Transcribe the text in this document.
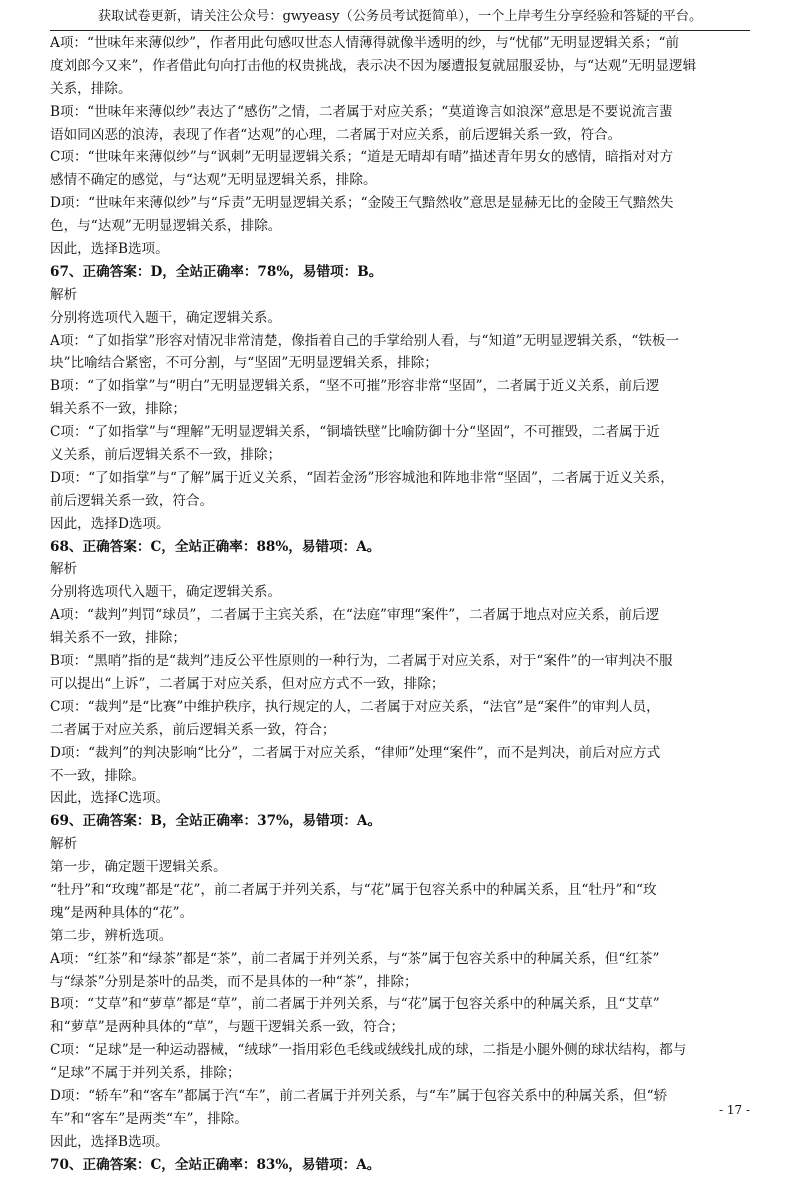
获取试卷更新，请关注公众号：gwyeasy（公务员考试挺简单），一个上岸考生分享经验和答疑的平台。
A项：“世味年来薄似纱”，作者用此句感叹世态人情薄得就像半透明的纱，与“忧郁”无明显逻辑关系；“前
度刘郎今又来”，作者借此句向打击他的权贵挑战，表示决不因为屡遭报复就屈服妥协，与“达观”无明显逻辑
关系，排除。
B项：“世味年来薄似纱”表达了“感伤”之情，二者属于对应关系；“莫道谗言如浪深”意思是不要说流言蜚
语如同凶恶的浪涛，表现了作者“达观”的心理，二者属于对应关系，前后逻辑关系一致，符合。
C项：“世味年来薄似纱”与“讽刺”无明显逻辑关系；“道是无晴却有晴”描述青年男女的感情，暗指对对方
感情不确定的感觉，与“达观”无明显逻辑关系，排除。
D项：“世味年来薄似纱”与“斥责”无明显逻辑关系；“金陵王气黯然收”意思是显赫无比的金陵王气黯然失
色，与“达观”无明显逻辑关系，排除。
因此，选择B选项。
67、正确答案：D，全站正确率：78%，易错项：B。
解析
分别将选项代入题干，确定逻辑关系。
A项：“了如指掌”形容对情况非常清楚，像指着自己的手掌给别人看，与“知道”无明显逻辑关系，“铁板一
块”比喻结合紧密，不可分割，与“坚固”无明显逻辑关系，排除；
B项：“了如指掌”与“明白”无明显逻辑关系，“坚不可摧”形容非常“坚固”，二者属于近义关系，前后逻
辑关系不一致，排除；
C项：“了如指掌”与“理解”无明显逻辑关系，“铜墙铁壁”比喻防御十分“坚固”，不可摧毁，二者属于近
义关系，前后逻辑关系不一致，排除；
D项：“了如指掌”与“了解”属于近义关系，“固若金汤”形容城池和阵地非常“坚固”，二者属于近义关系，
前后逻辑关系一致，符合。
因此，选择D选项。
68、正确答案：C，全站正确率：88%，易错项：A。
解析
分别将选项代入题干，确定逻辑关系。
A项：“裁判”判罚“球员”，二者属于主宾关系，在“法庭”审理“案件”，二者属于地点对应关系，前后逻
辑关系不一致，排除；
B项：“黑哨”指的是“裁判”违反公平性原则的一种行为，二者属于对应关系，对于“案件”的一审判决不服
可以提出“上诉”，二者属于对应关系，但对应方式不一致，排除；
C项：“裁判”是“比赛”中维护秩序，执行规定的人，二者属于对应关系，“法官”是“案件”的审判人员，
二者属于对应关系，前后逻辑关系一致，符合；
D项：“裁判”的判决影响“比分”，二者属于对应关系，“律师”处理“案件”，而不是判决，前后对应方式
不一致，排除。
因此，选择C选项。
69、正确答案：B，全站正确率：37%，易错项：A。
解析
第一步，确定题干逻辑关系。
“牡丹”和“玫瑰”都是“花”，前二者属于并列关系，与“花”属于包容关系中的种属关系，且“牡丹”和“玫
瑰”是两种具体的“花”。
第二步，辨析选项。
A项：“红茶”和“绿茶”都是“茶”，前二者属于并列关系，与“茶”属于包容关系中的种属关系，但“红茶”
与“绿茶”分别是茶叶的品类，而不是具体的一种“茶”，排除；
B项：“艾草”和“萝草”都是“草”，前二者属于并列关系，与“花”属于包容关系中的种属关系，且“艾草”
和“萝草”是两种具体的“草”，与题干逻辑关系一致，符合；
C项：“足球”是一种运动器械，“绒球”一指用彩色毛线或绒线扎成的球，二指是小腿外侧的球状结构，都与
“足球”不属于并列关系，排除；
D项：“轿车”和“客车”都属于汽“车”，前二者属于并列关系，与“车”属于包容关系中的种属关系，但“轿
车”和“客车”是两类“车”，排除。
因此，选择B选项。
70、正确答案：C，全站正确率：83%，易错项：A。
- 17 -
